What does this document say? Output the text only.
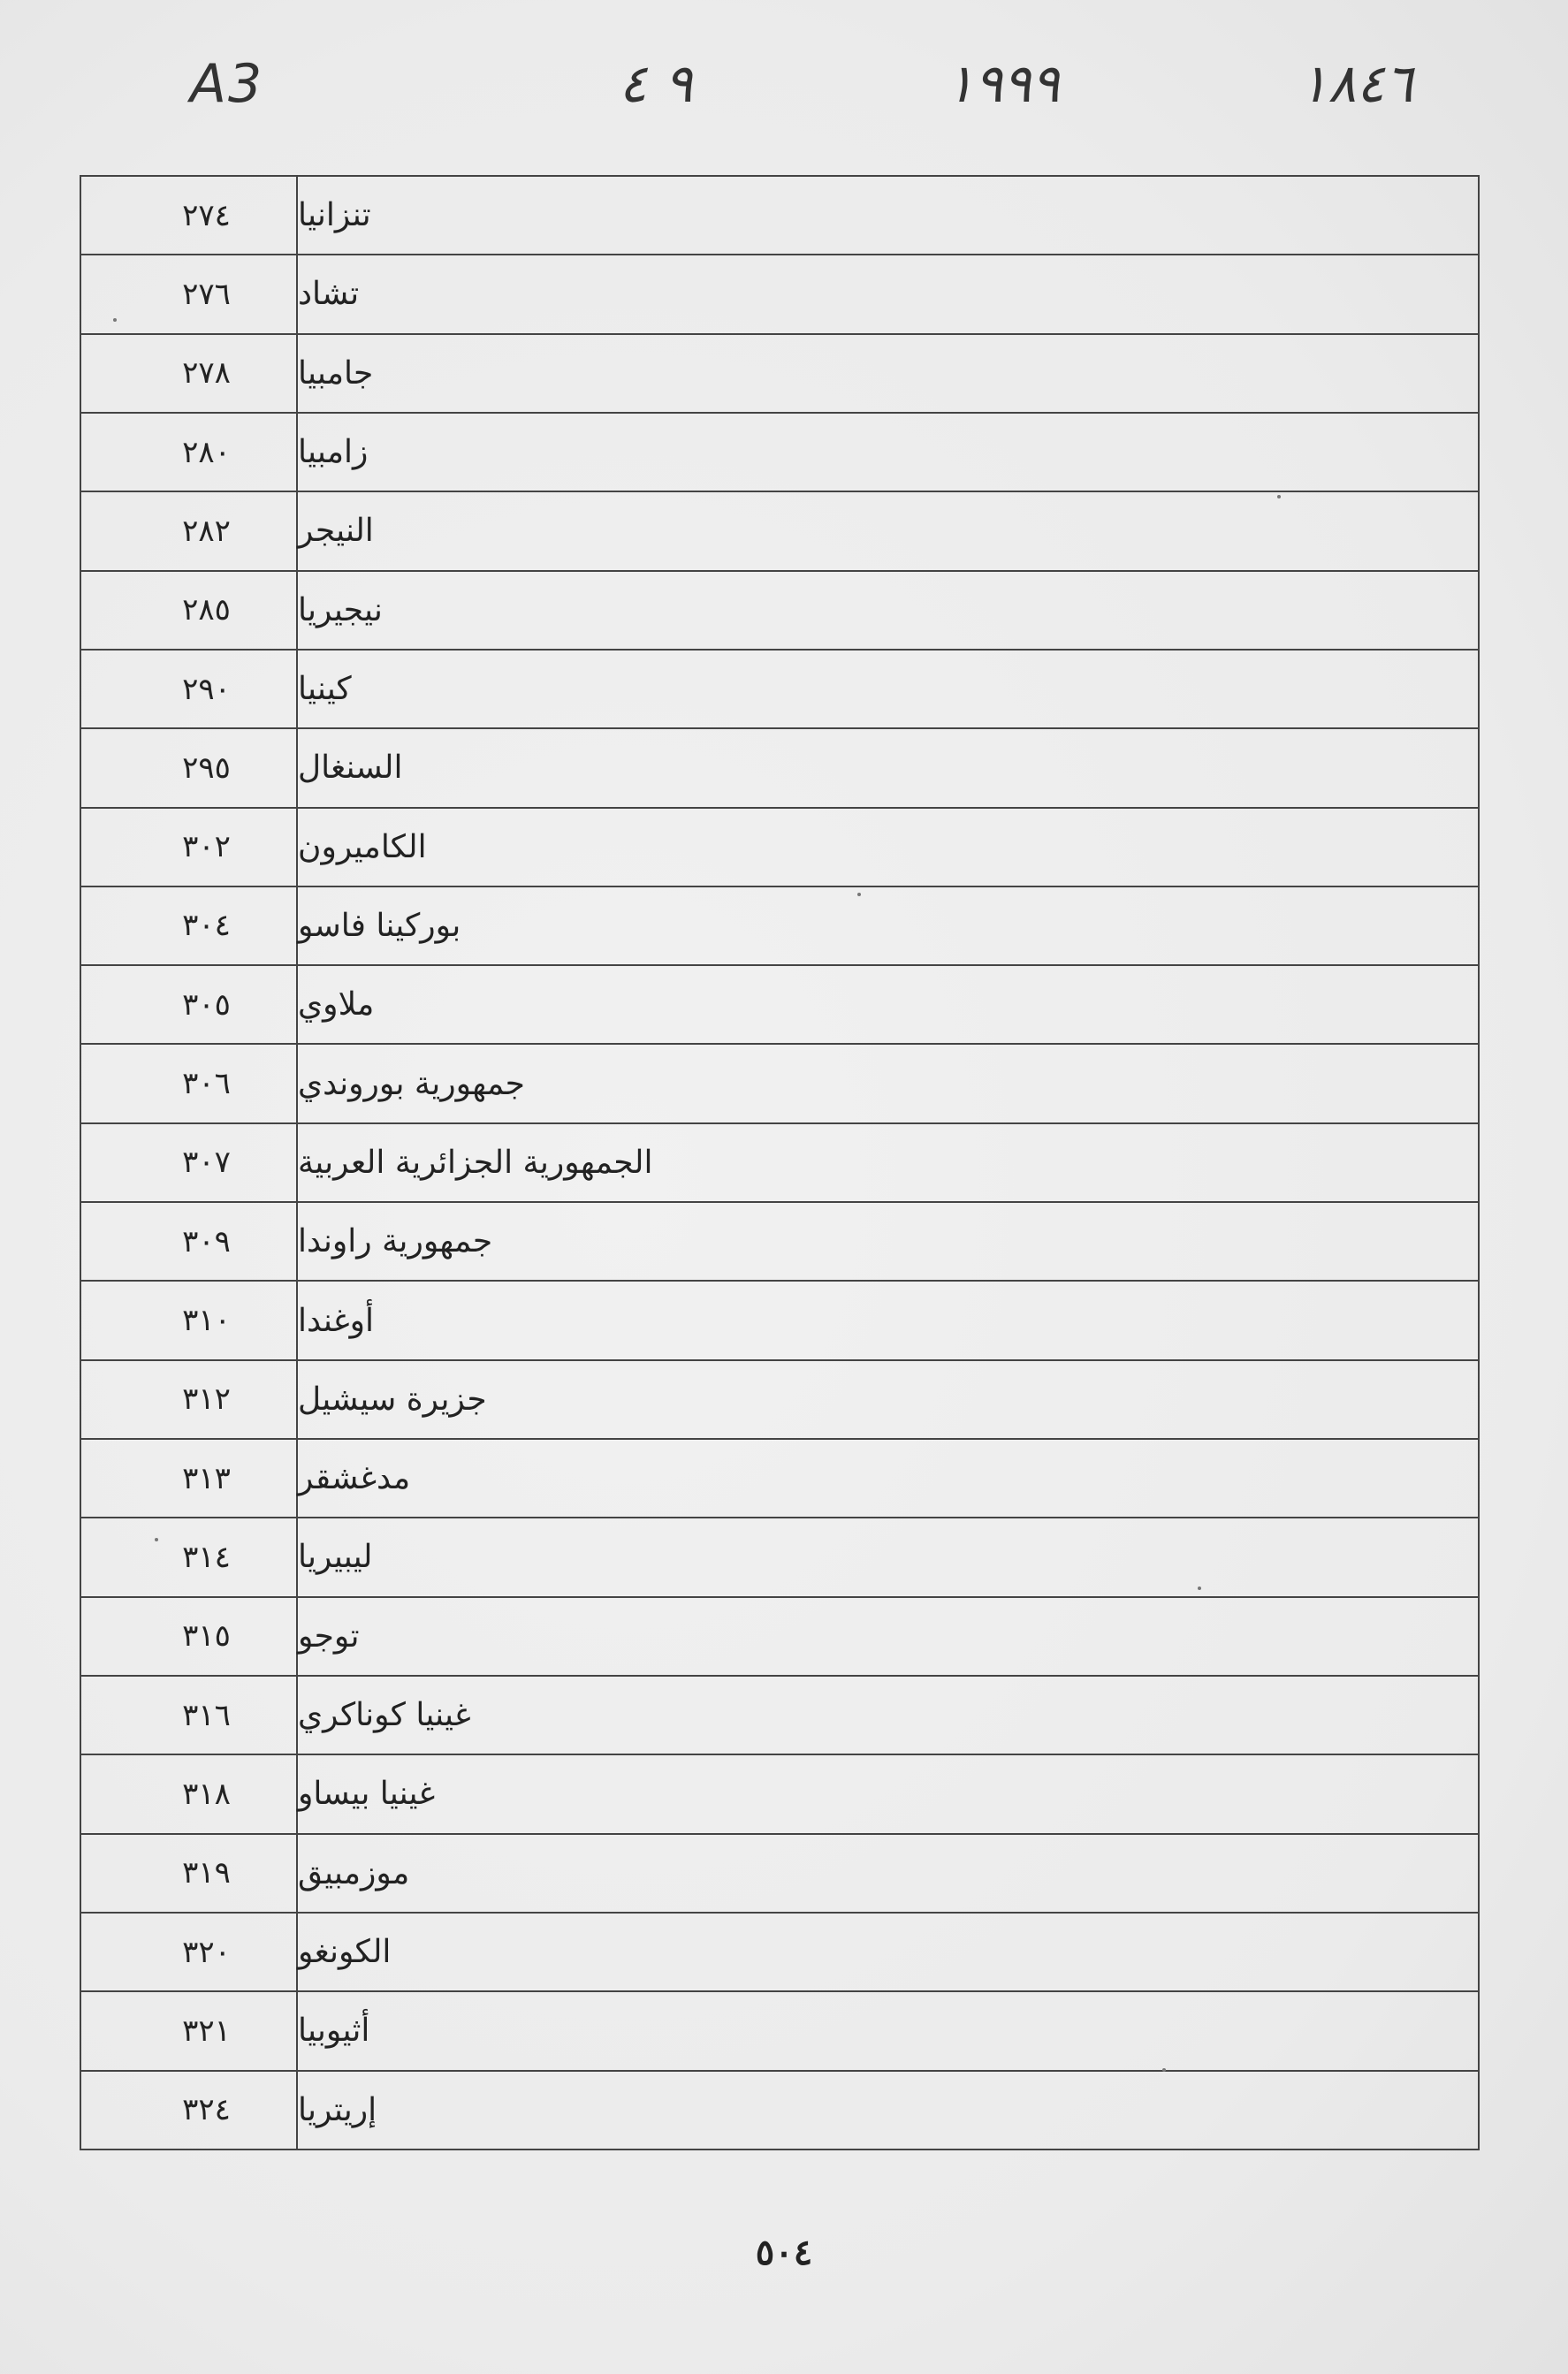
A3	٩ ٤	١٩٩٩	١٨٤٦
٢٧٤	تنزانيا
٢٧٦	تشاد
٢٧٨	جامبيا
٢٨٠	زامبيا
٢٨٢	النيجر
٢٨٥	نيجيريا
٢٩٠	كينيا
٢٩٥	السنغال
٣٠٢	الكاميرون
٣٠٤	بوركينا فاسو
٣٠٥	ملاوي
٣٠٦	جمهورية بوروندي
٣٠٧	الجمهورية الجزائرية العربية
٣٠٩	جمهورية راوندا
٣١٠	أوغندا
٣١٢	جزيرة سيشيل
٣١٣	مدغشقر
٣١٤	ليبيريا
٣١٥	توجو
٣١٦	غينيا كوناكري
٣١٨	غينيا بيساو
٣١٩	موزمبيق
٣٢٠	الكونغو
٣٢١	أثيوبيا
٣٢٤	إريتريا
٥٠٤
